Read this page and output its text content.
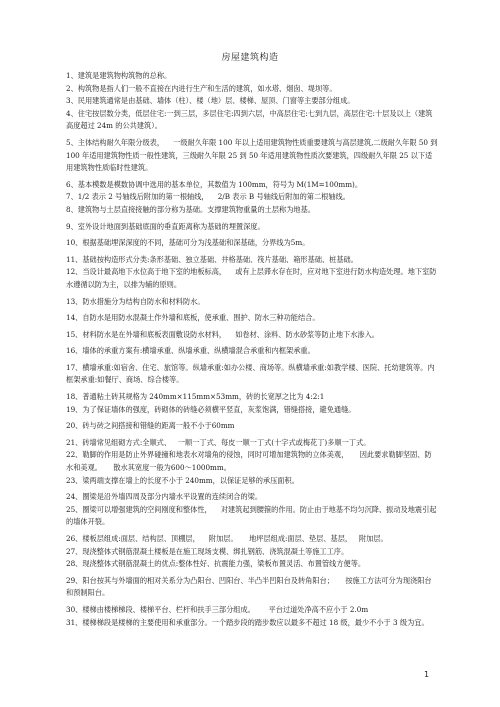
房屋建筑构造

1、建筑是建筑物构筑物的总称。

2、构筑物是指人们一般不直接在内进行生产和生活的建筑，如水塔、烟囱、堤坝等。

3、民用建筑通常是由基础、墙体（柱）、楼（地）层、楼梯、屋顶、门窗等主要部分组成。

4、住宅按层数分类，低层住宅:一到三层，多层住宅:四到六层，中高层住宅:七到九层，高层住宅:十层及以上（建筑高度超过 24m 的公共建筑）。

5、主体结构耐久年限分级表，    一级耐久年限 100 年以上适用建筑物性质重要建筑与高层建筑,二级耐久年限 50 到 100 年适用建筑物性质一般性建筑，三级耐久年限 25 到 50 年适用建筑物性质次要建筑，四级耐久年限 25 以下适用建筑物性质临时性建筑。

6、基本模数是模数协调中选用的基本单位，其数值为 100mm，符号为 M(1M=100mm)。

7、1/2 表示 2 号轴线后附加的第一根轴线，    2/B 表示 B 号轴线后附加的第二根轴线。

8、建筑物与土层直接接触的部分称为基础。支撑建筑物重量的土层称为地基。

9、室外设计地面到基础底面的垂直距离称为基础的埋置深度。

10、根据基础埋深深度的不同，基础可分为浅基础和深基础，分界线为5m。

11、基础按构造形式分类:条形基础、独立基础、井格基础、筏片基础、箱形基础、桩基础。

12、当设计最高地下水位高于地下室的地板标高，    或有上层滞水存在时，应对地下室进行防水构造处理。地下室防水遵循以防为主，以排为辅的原则。

13、防水措施分为结构自防水和材料防水。

14、自防水是用防水混凝土作外墙和底板，使承重、围护、防水三种功能结合。

15、材料防水是在外墙和底板表面敷设防水材料，    如卷材、涂料、防水砂浆等防止地下水渗入。

16、墙体的承重方案有:横墙承重、纵墙承重、纵横墙混合承重和内框架承重。

17、横墙承重:如宿舍、住宅、旅馆等。纵墙承重:如办公楼、商场等。纵横墙承重:如教学楼、医院、托幼建筑等。内框架承重:如餐厅、商场、综合楼等。

18、普通粘土砖其规格为 240mm×115mm×53mm，砖的长宽厚之比为 4:2:1

19、为了保证墙体的强度，砖砌体的砖缝必须横平竖直，灰浆饱满，错缝搭接，避免通缝。

20、砖与砖之间搭接和错缝的距离一般不小于60mm

21、砖墙常见组砌方式:全顺式、   一顺一丁式、每皮一顺一丁式(十字式或梅花丁)多顺一丁式。

22、勒脚的作用是防止外界碰撞和地表水对墙角的侵蚀，同时可增加建筑物的立体美观，     因此要求勒脚坚固、防水和美观。     散水其宽度一般为600～1000mm。

23、梁两端支撑在墙上的长度不小于 240mm，以保证足够的承压面积。

24、圈梁是沿外墙四周及部分内墙水平设置的连续闭合的梁。

25、圈梁可以增强建筑的空间刚度和整体性，    对建筑起到腰箍的作用。防止由于地基不均匀沉降、振动及地震引起的墙体开裂。

26、楼板层组成:面层、结构层、顶棚层，    附加层。     地坪层组成:面层、垫层、基层，   附加层。

27、现浇整体式钢筋混凝土楼板是在施工现场支模、绑扎钢筋、浇筑混凝土等施工工序。

28、现浇整体式钢筋混凝土的优点:整体性好、抗震能力强，梁板布置灵活、布置管线方便等。

29、阳台按其与外墙面的相对关系分为凸阳台、凹阳台、半凸半凹阳台及转角阳台；     按施工方法可分为现浇阳台和预制阳台。

30、楼梯由楼梯梯段、楼梯平台、栏杆和扶手三部分组成。      平台过道处净高不应小于 2.0m

31、楼梯梯段是楼梯的主要使用和承重部分。一个踏步段的踏步数应以最多不超过 18 级，最少不小于 3 级为宜。

1
